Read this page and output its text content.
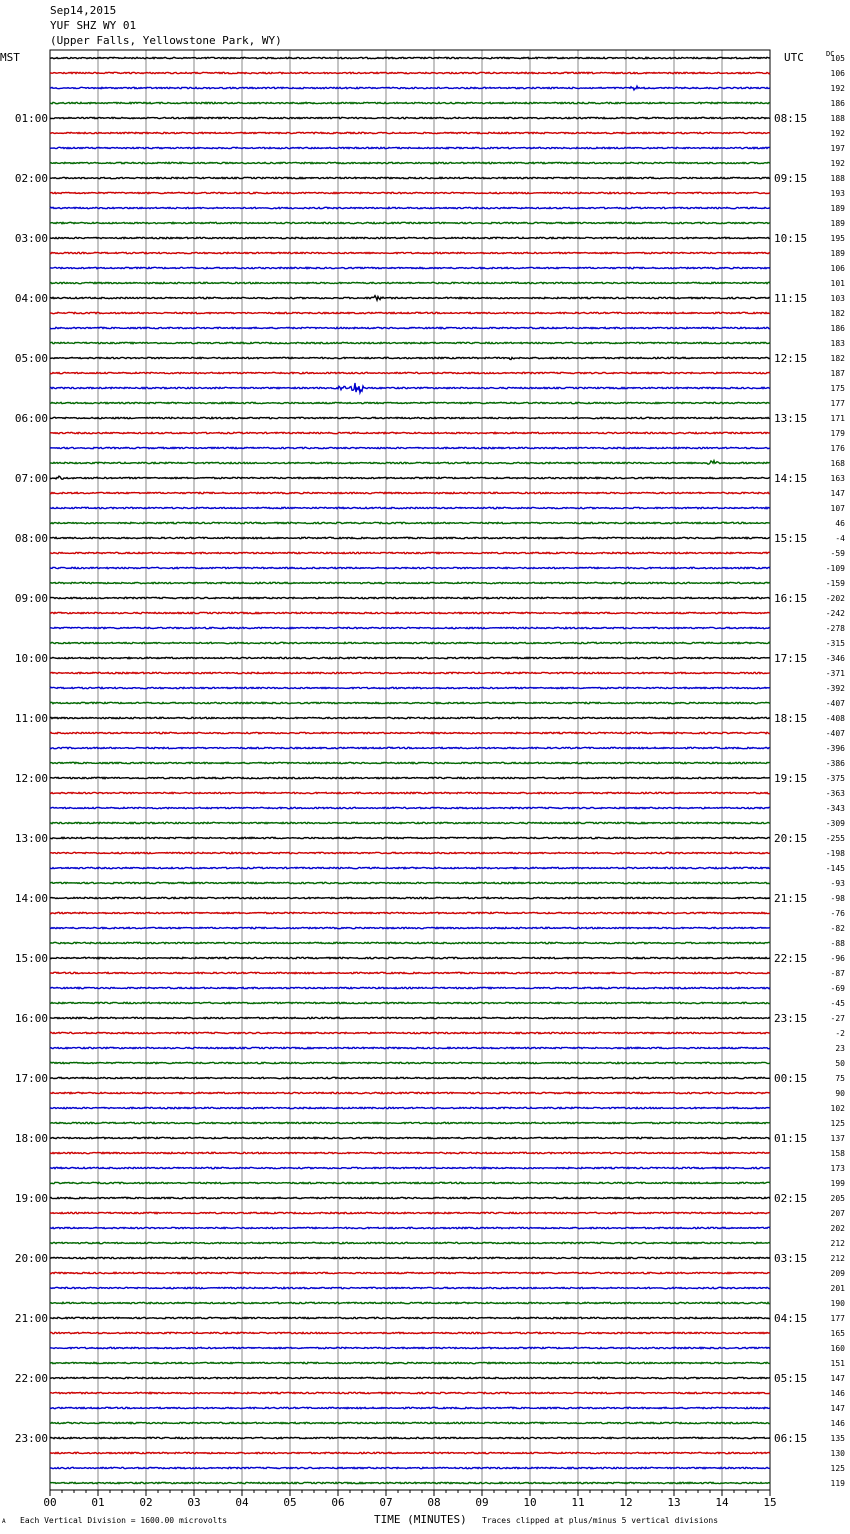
Sep14,2015
YUF SHZ WY 01
(Upper Falls, Yellowstone Park, WY)
105
106
192
186
188
192
197
192
188
193
189
189
195
189
106
101
103
182
186
183
182
187
175
177
171
179
176
168
163
147
107
46
-4
-59
-109
-159
-202
-242
-278
-315
-346
-371
-392
-407
-408
-407
-396
-386
-375
-363
-343
-309
-255
-198
-145
-93
-98
-76
-82
-88
-96
-87
-69
-45
-27
-2
23
50
75
90
102
125
137
158
173
199
205
207
202
212
212
209
201
190
177
165
160
151
147
146
147
146
135
130
125
119
01:00	08:15
02:00	09:15
03:00	10:15
04:00	11:15
05:00	12:15
06:00	13:15
07:00	14:15
08:00	15:15
09:00	16:15
10:00	17:15
11:00	18:15
12:00	19:15
13:00	20:15
14:00	21:15
15:00	22:15
16:00	23:15
17:00	00:15
18:00	01:15
19:00	02:15
20:00	03:15
21:00	04:15
22:00	05:15
23:00	06:15
MST	UTC	DC
00	01	02	03	04	05	06	07	08	09	10	11	12	13	14	15
A Each Vertical Division = 1600.00 microvolts	TIME (MINUTES) Traces clipped at plus/minus 5 vertical divisions
